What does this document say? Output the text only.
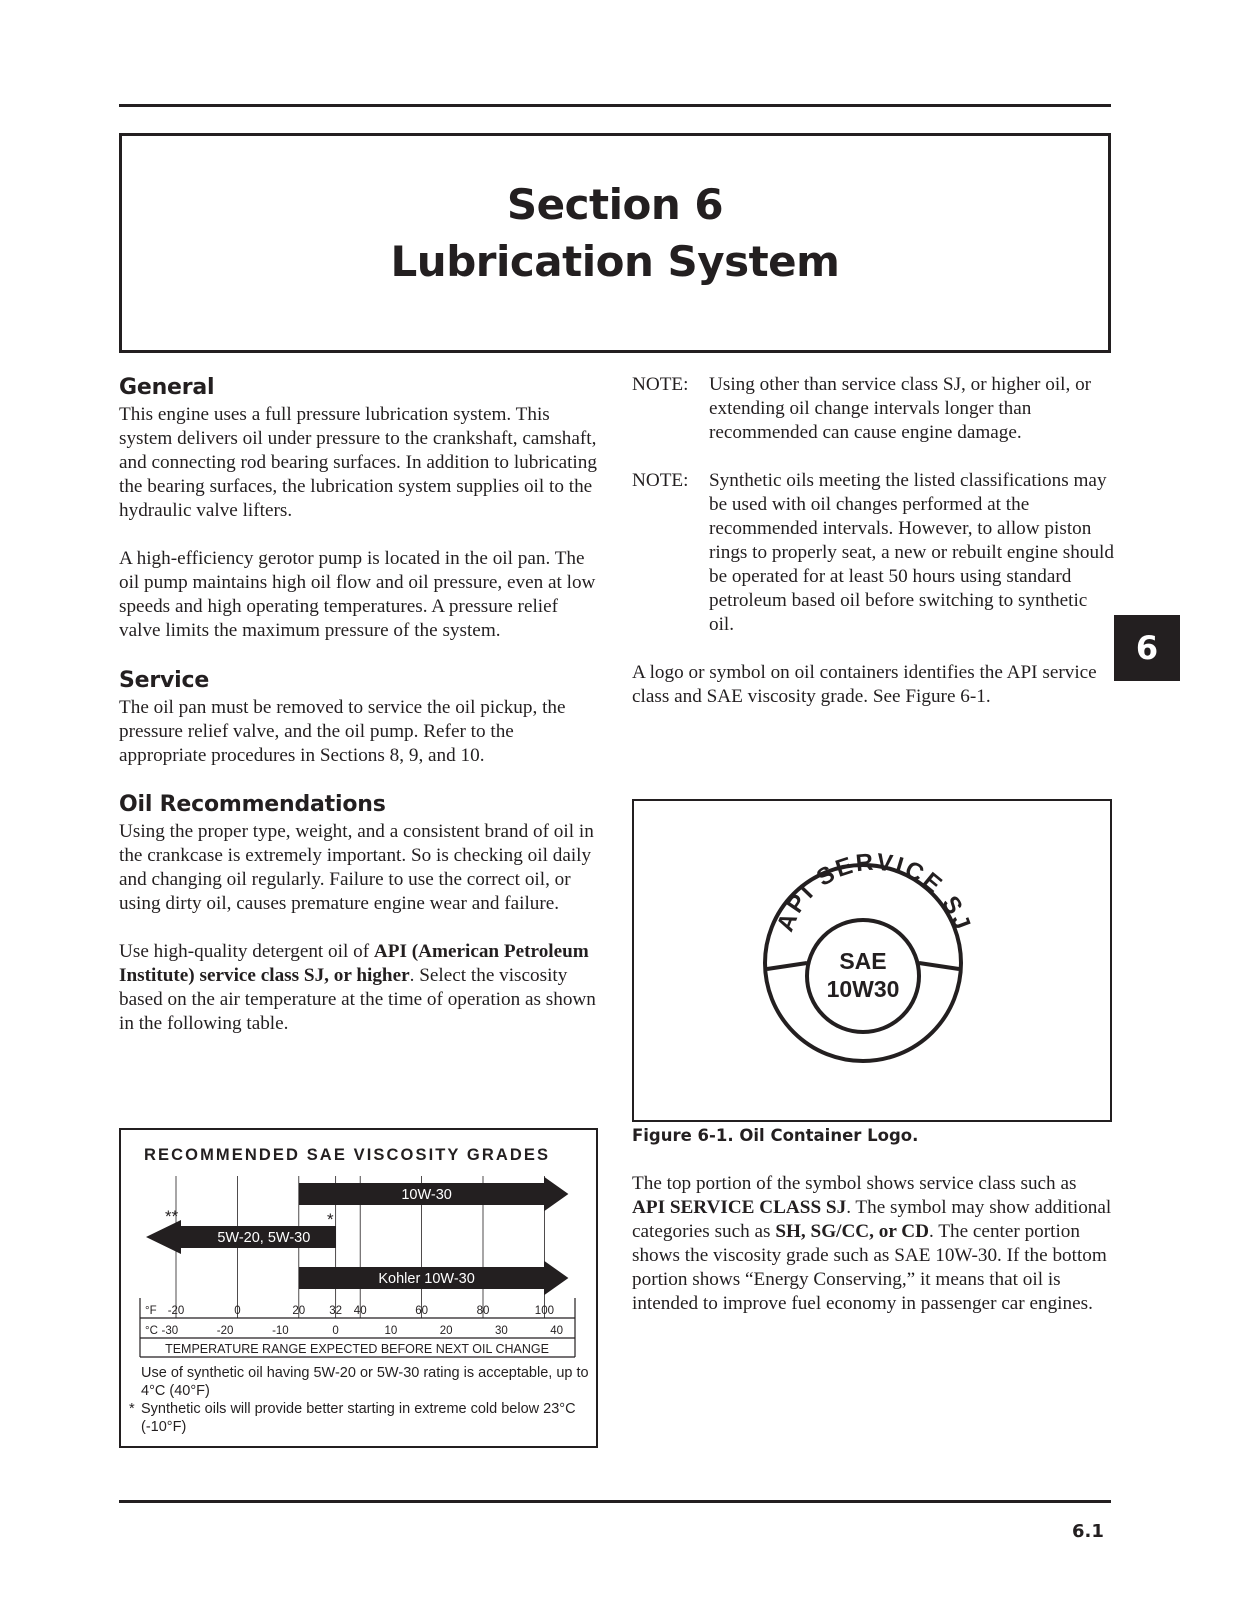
Section 6
Lubrication System
6
General

This engine uses a full pressure lubrication system. This system delivers oil under pressure to the crankshaft, camshaft, and connecting rod bearing surfaces. In addition to lubricating the bearing surfaces, the lubrication system supplies oil to the hydraulic valve lifters.

A high-efficiency gerotor pump is located in the oil pan. The oil pump maintains high oil flow and oil pressure, even at low speeds and high operating temperatures. A pressure relief valve limits the maximum pressure of the system.

Service

The oil pan must be removed to service the oil pickup, the pressure relief valve, and the oil pump. Refer to the appropriate procedures in Sections 8, 9, and 10.

Oil Recommendations

Using the proper type, weight, and a consistent brand of oil in the crankcase is extremely important. So is checking oil daily and changing oil regularly. Failure to use the correct oil, or using dirty oil, causes premature engine wear and failure.

Use high-quality detergent oil of API (American Petroleum Institute) service class SJ, or higher. Select the viscosity based on the air temperature at the time of operation as shown in the following table.

RECOMMENDED SAE VISCOSITY GRADES
10W-30
5W-20, 5W-30
Kohler 10W-30
**	*
°F
°C
-20	0	20 32 40	60	80	100
-30	-20	-10	0	10	20	30	40
TEMPERATURE RANGE EXPECTED BEFORE NEXT OIL CHANGE
Use of synthetic oil having 5W-20 or 5W-30 rating is acceptable, up to 4°C (40°F)
* Synthetic oils will provide better starting in extreme cold below 23°C (-10°F)
NOTE: Using other than service class SJ, or higher oil, or extending oil change intervals longer than recommended can cause engine damage.
NOTE: Synthetic oils meeting the listed classifications may be used with oil changes performed at the recommended intervals. However, to allow piston rings to properly seat, a new or rebuilt engine should be operated for at least 50 hours using standard petroleum based oil before switching to synthetic oil.

A logo or symbol on oil containers identifies the API service class and SAE viscosity grade. See Figure 6-1.

API SERVICE SJ
SAE
10W30
Figure 6-1. Oil Container Logo.

The top portion of the symbol shows service class such as API SERVICE CLASS SJ. The symbol may show additional categories such as SH, SG/CC, or CD. The center portion shows the viscosity grade such as SAE 10W-30. If the bottom portion shows “Energy Conserving,” it means that oil is intended to improve fuel economy in passenger car engines.

6.1
